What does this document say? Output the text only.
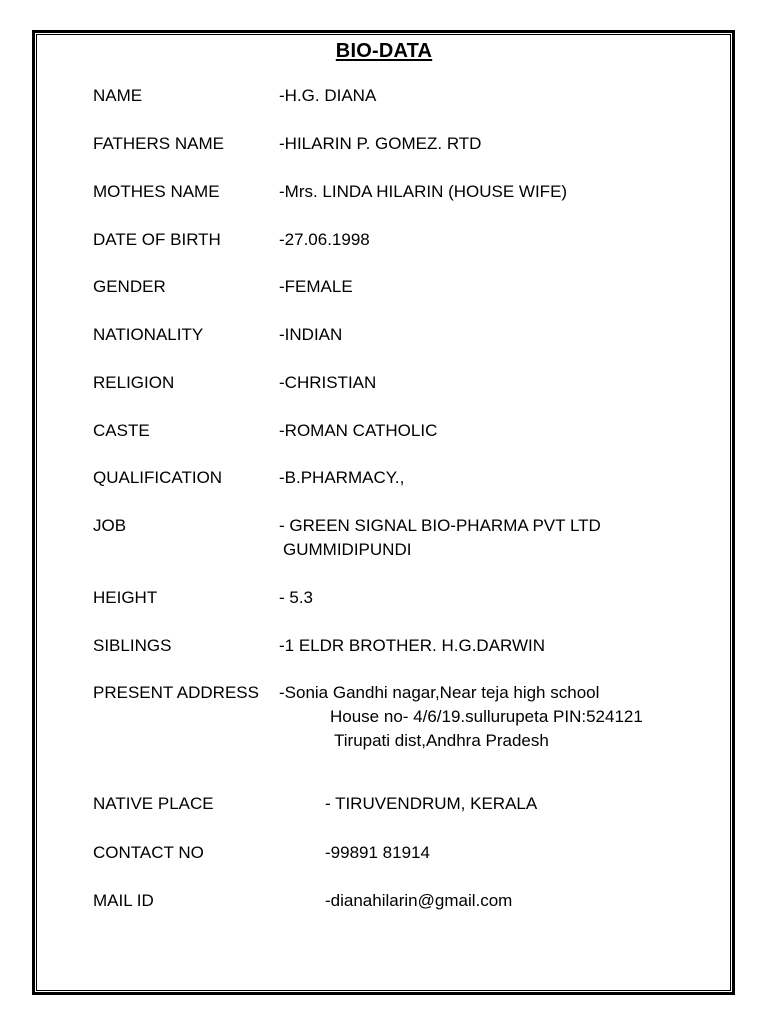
BIO-DATA
NAME	-H.G. DIANA
FATHERS NAME	-HILARIN P. GOMEZ. RTD
MOTHES NAME	-Mrs. LINDA HILARIN (HOUSE WIFE)
DATE OF BIRTH	-27.06.1998
GENDER	-FEMALE
NATIONALITY	-INDIAN
RELIGION	-CHRISTIAN
CASTE	-ROMAN CATHOLIC
QUALIFICATION	-B.PHARMACY.,
JOB	- GREEN SIGNAL BIO-PHARMA PVT LTD
GUMMIDIPUNDI
HEIGHT	- 5.3
SIBLINGS	-1 ELDR BROTHER. H.G.DARWIN
PRESENT ADDRESS -Sonia Gandhi nagar,Near teja high school
House no- 4/6/19.sullurupeta PIN:524121
Tirupati dist,Andhra Pradesh
NATIVE PLACE	- TIRUVENDRUM, KERALA
CONTACT NO	-99891 81914
MAIL ID	-dianahilarin@gmail.com
